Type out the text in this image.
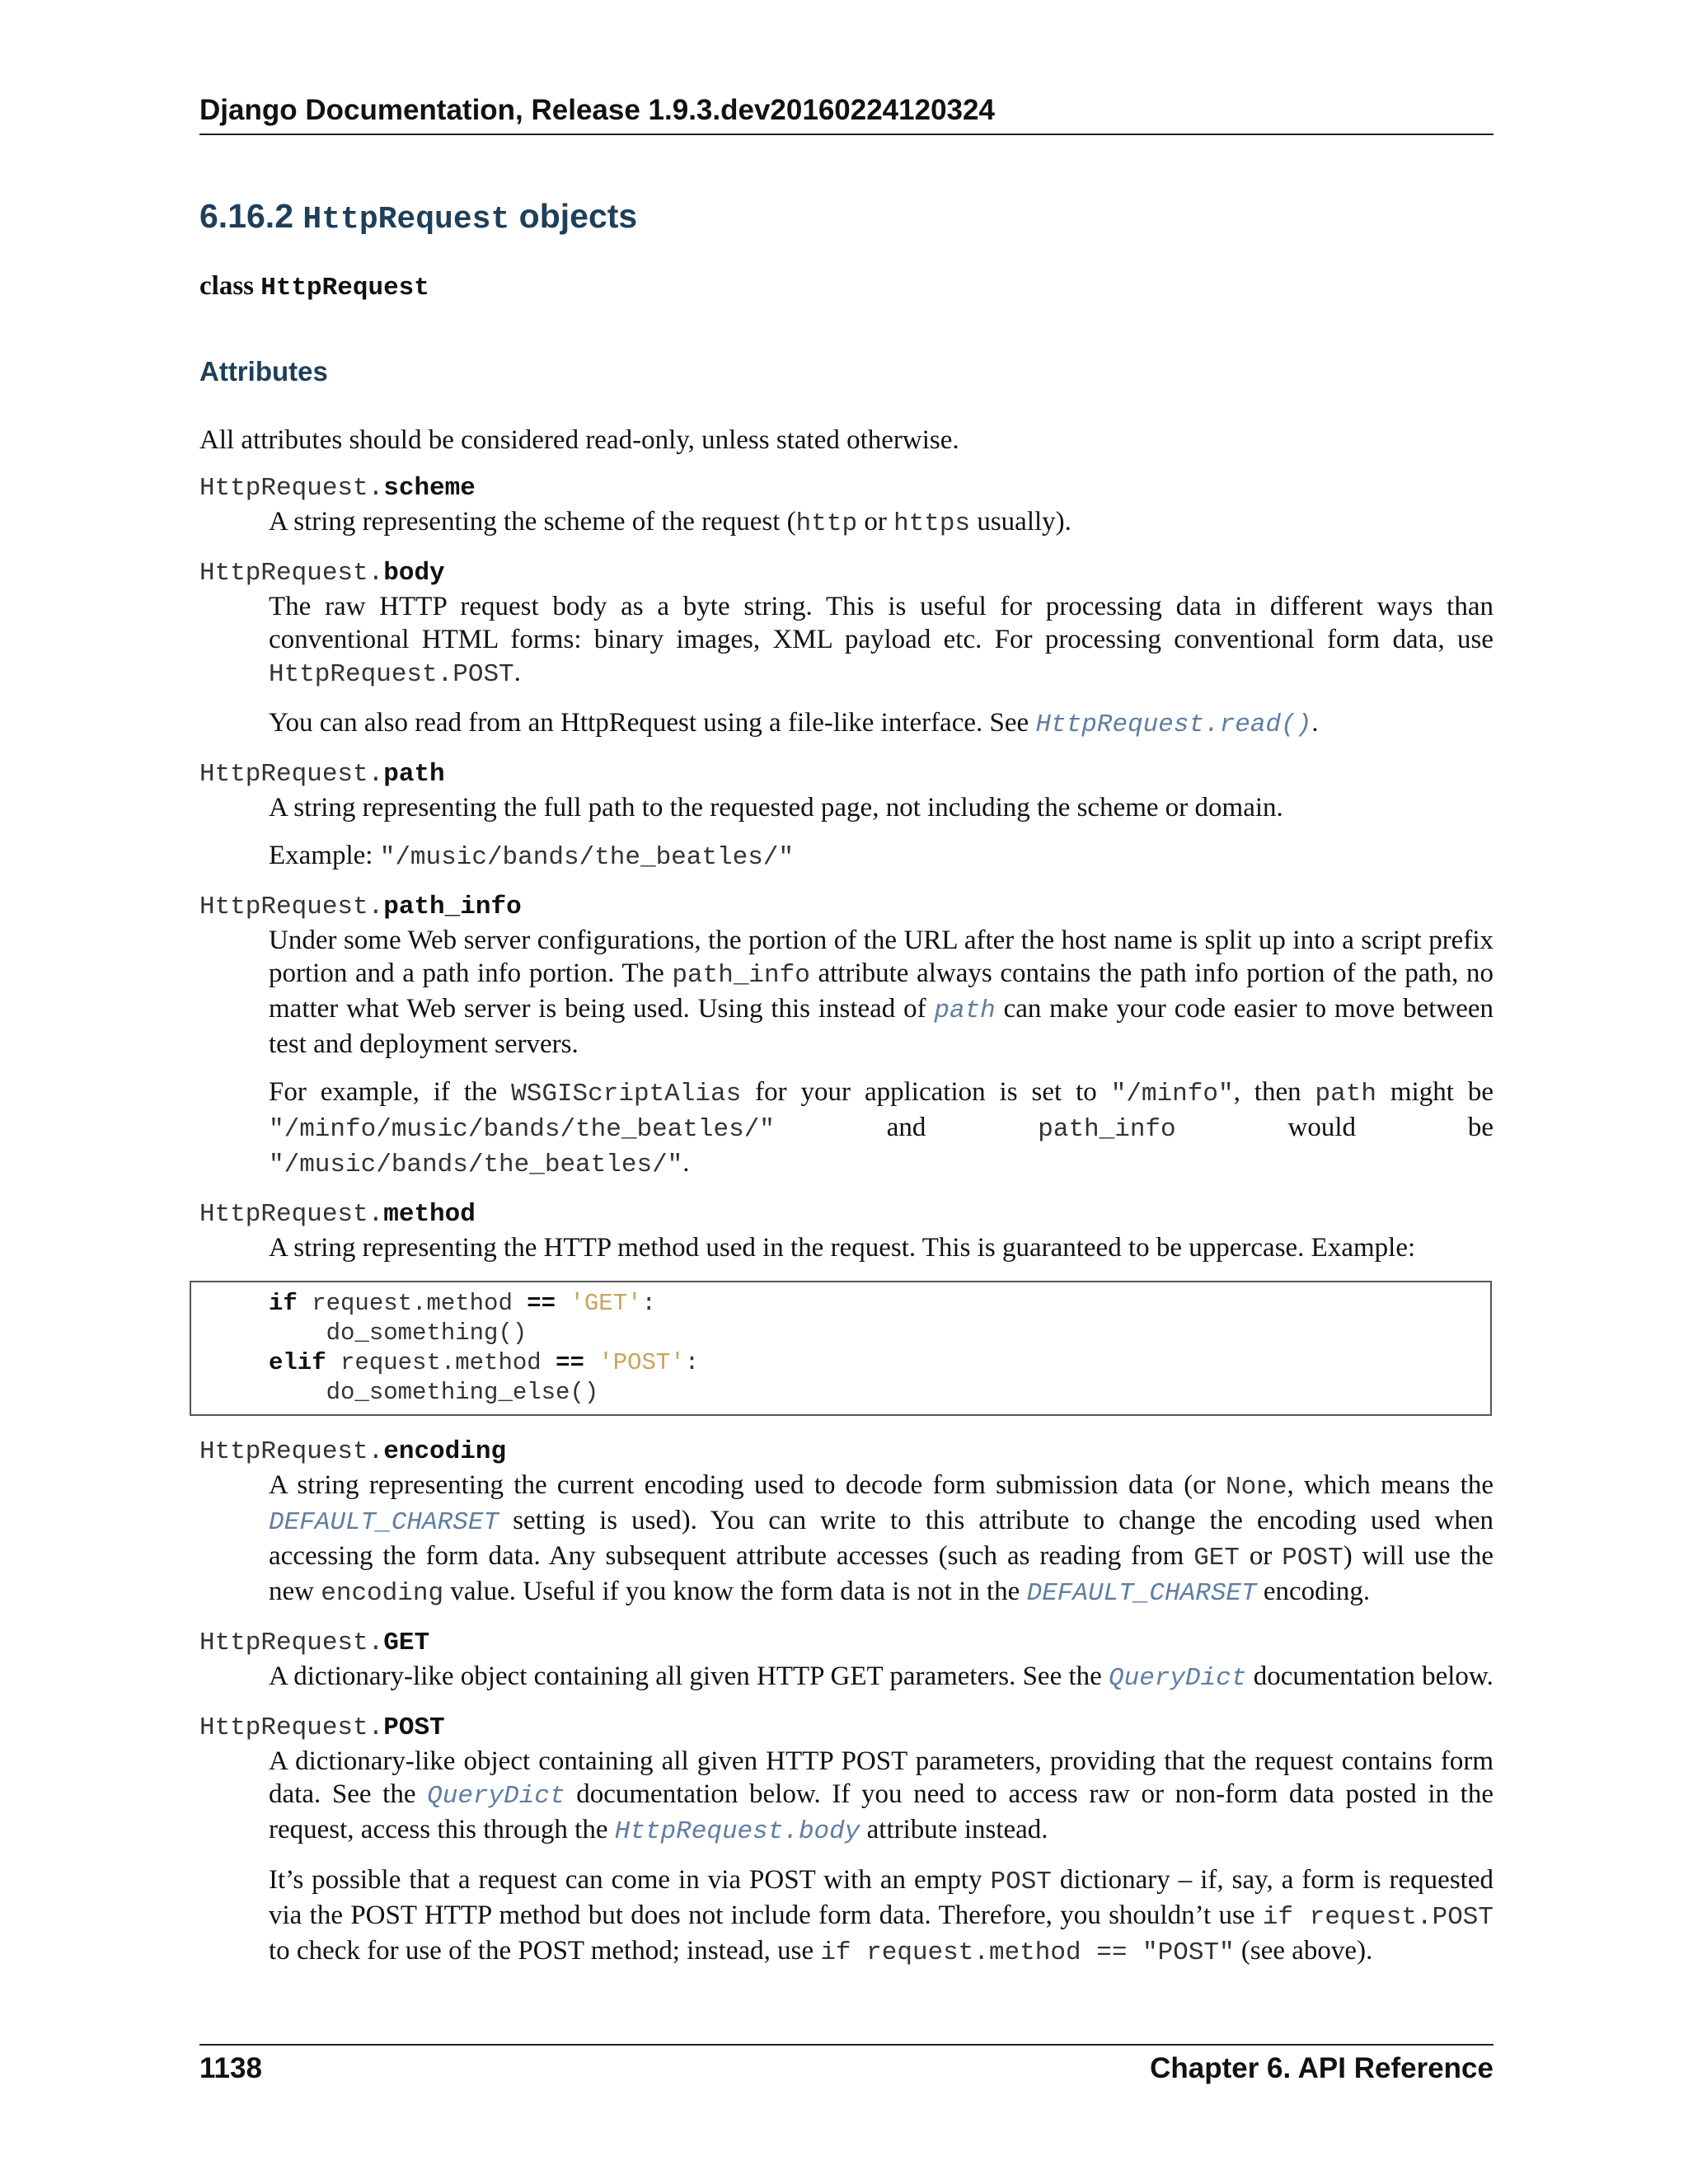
Django Documentation, Release 1.9.3.dev20160224120324
6.16.2 HttpRequest objects
class HttpRequest
Attributes
All attributes should be considered read-only, unless stated otherwise.
HttpRequest.scheme

A string representing the scheme of the request (http or https usually).

HttpRequest.body

The raw HTTP request body as a byte string. This is useful for processing data in different ways than conventional HTML forms: binary images, XML payload etc. For processing conventional form data, use HttpRequest.POST.

You can also read from an HttpRequest using a file-like interface. See HttpRequest.read().

HttpRequest.path

A string representing the full path to the requested page, not including the scheme or domain.

Example: "/music/bands/the_beatles/"

HttpRequest.path_info

Under some Web server configurations, the portion of the URL after the host name is split up into a script prefix portion and a path info portion. The path_info attribute always contains the path info portion of the path, no matter what Web server is being used. Using this instead of path can make your code easier to move between test and deployment servers.

For example, if the WSGIScriptAlias for your application is set to "/minfo", then path might be "/minfo/music/bands/the_beatles/" and path_info would be "/music/bands/the_beatles/".

HttpRequest.method

A string representing the HTTP method used in the request. This is guaranteed to be uppercase. Example:

if request.method == 'GET':
do_something()
elif request.method == 'POST':
do_something_else()
HttpRequest.encoding

A string representing the current encoding used to decode form submission data (or None, which means the DEFAULT_CHARSET setting is used). You can write to this attribute to change the encoding used when accessing the form data. Any subsequent attribute accesses (such as reading from GET or POST) will use the new encoding value. Useful if you know the form data is not in the DEFAULT_CHARSET encoding.

HttpRequest.GET

A dictionary-like object containing all given HTTP GET parameters. See the QueryDict documentation below.

HttpRequest.POST

A dictionary-like object containing all given HTTP POST parameters, providing that the request contains form data. See the QueryDict documentation below. If you need to access raw or non-form data posted in the request, access this through the HttpRequest.body attribute instead.

It’s possible that a request can come in via POST with an empty POST dictionary – if, say, a form is requested via the POST HTTP method but does not include form data. Therefore, you shouldn’t use if request.POST to check for use of the POST method; instead, use if request.method == "POST" (see above).

1138	Chapter 6. API Reference
